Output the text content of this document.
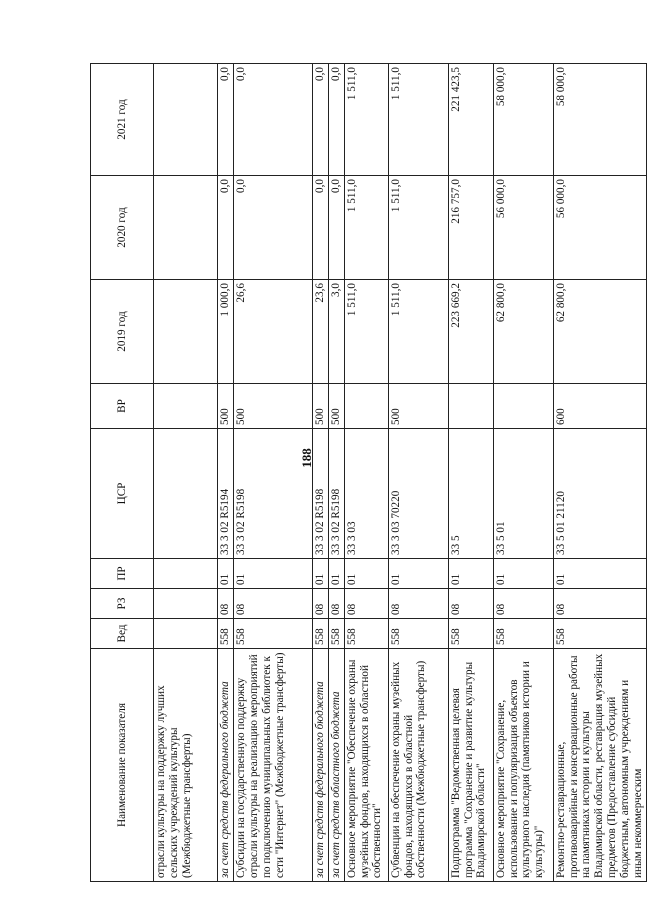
188
Наименование показателя	Вед	РЗ	ПР	ЦСР	ВР	2019 год	2020 год	2021 год
отрасли культуры на поддержку лучших сельских учреждений культуры (Межбюджетные трансферты)								
за счет средств федерального бюджета	558	08	01	33 3 02 R5194	500	1 000,0	0,0	0,0
Субсидии на государственную поддержку отрасли культуры на реализацию мероприятий по подключению муниципальных библиотек к сети "Интернет" (Межбюджетные трансферты)	558	08	01	33 3 02 R5198	500	26,6	0,0	0,0
за счет средств федерального бюджета	558	08	01	33 3 02 R5198	500	23,6	0,0	0,0
за счет средств областного бюджета	558	08	01	33 3 02 R5198	500	3,0	0,0	0,0
Основное мероприятие "Обеспечение охраны музейных фондов, находящихся в областной собственности"	558	08	01	33 3 03		1 511,0	1 511,0	1 511,0
Субвенции на обеспечение охраны музейных фондов, находящихся в областной собственности (Межбюджетные трансферты)	558	08	01	33 3 03 70220	500	1 511,0	1 511,0	1 511,0
Подпрограмма "Ведомственная целевая программа "Сохранение и развитие культуры Владимирской области"	558	08	01	33 5		223 669,2	216 757,0	221 423,5
Основное мероприятие "Сохранение, использование и популяризация объектов культурного наследия (памятников истории и культуры)"	558	08	01	33 5 01		62 800,0	56 000,0	58 000,0
Ремонтно-реставрационные, противоаварийные и консервационные работы на памятниках истории и культуры Владимирской области, реставрация музейных предметов (Предоставление субсидий бюджетным, автономным учреждениям и иным некоммерческим	558	08	01	33 5 01 21120	600	62 800,0	56 000,0	58 000,0
